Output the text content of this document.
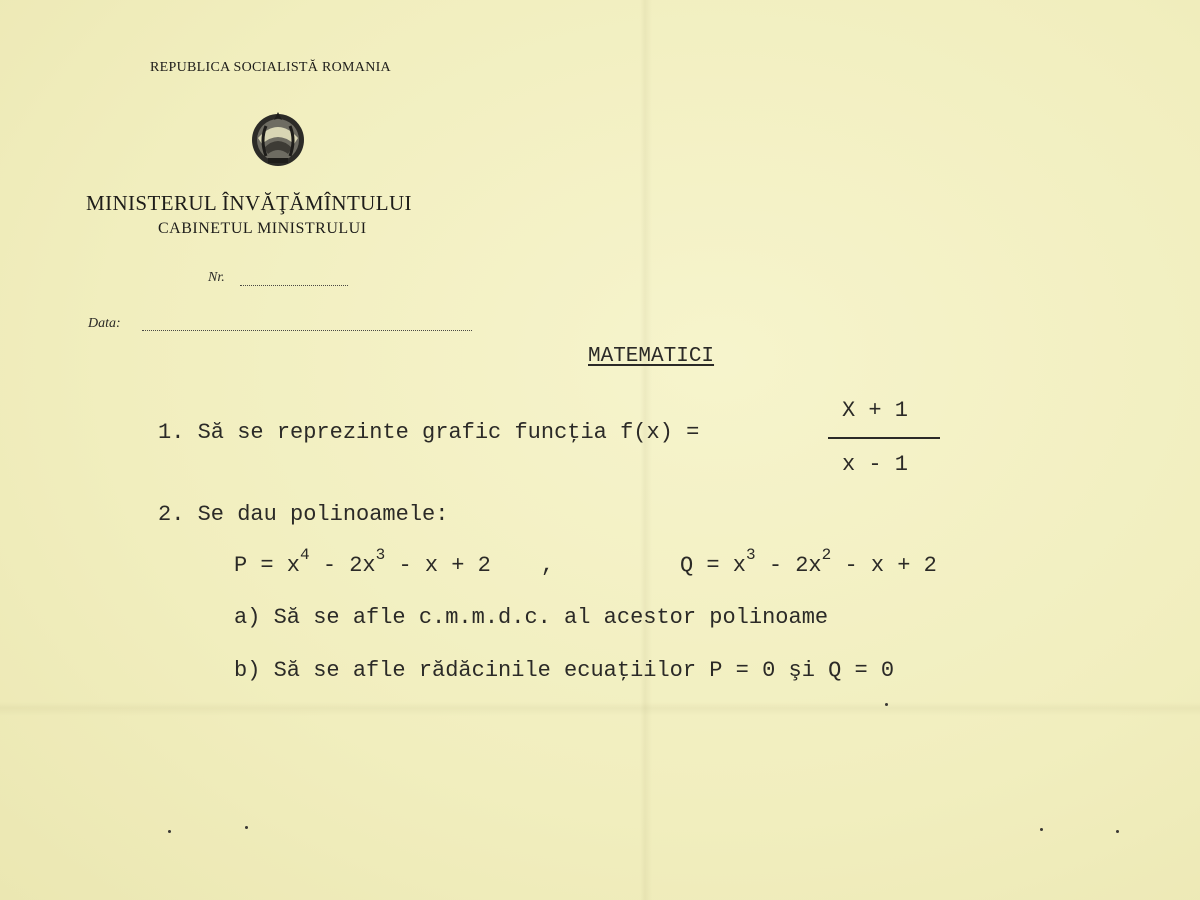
REPUBLICA SOCIALISTĂ ROMANIA
MINISTERUL ÎNVĂŢĂMÎNTULUI
CABINETUL MINISTRULUI
Nr.
Data:
MATEMATICI
1. Să se reprezinte grafic funcţia f(x) =
X + 1
x - 1
2. Se dau polinoamele:
$P = x^4 - 2x^3 - x + 2$ ,	$Q = x^3 - 2x^2 - x + 2$
a) Să se afle c.m.m.d.c. al acestor polinoame
b) Să se afle rădăcinile ecuaţiilor P = 0 şi Q = 0
